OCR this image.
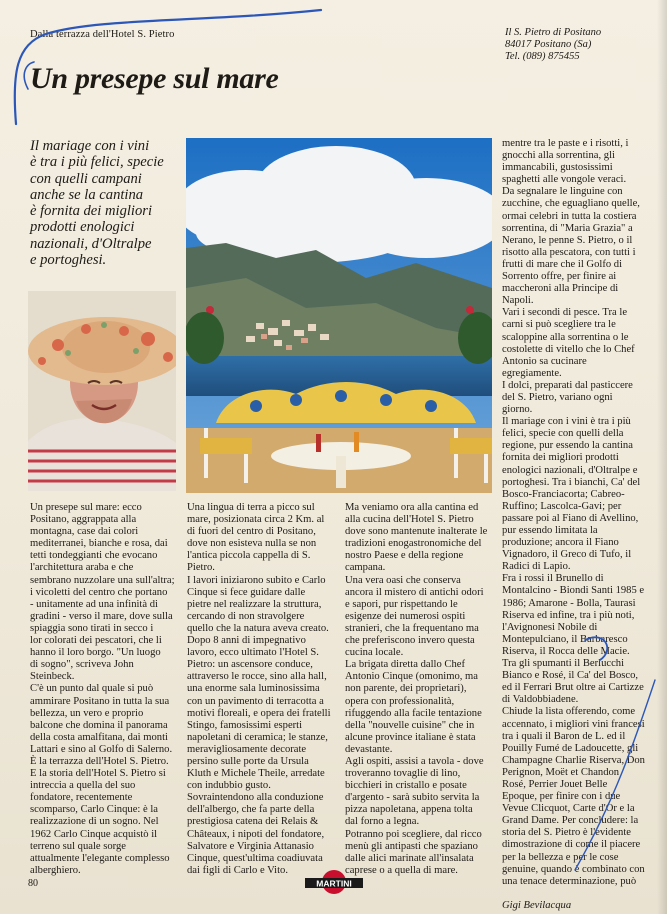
Dalla terrazza dell'Hotel S. Pietro	Il S. Pietro di Positano
84017 Positano (Sa)
Tel. (089) 875455
Un presepe sul mare
Il mariage con i vini
è tra i più felici, specie
con quelli campani
anche se la cantina
è fornita dei migliori
prodotti enologici
nazionali, d'Oltralpe
e portoghesi.
Un presepe sul mare: ecco
Positano, aggrappata alla
montagna, case dai colori
mediterranei, bianche e rosa, dai
tetti tondeggianti che evocano
l'architettura araba e che
sembrano nuzzolare una sull'altra;
i vicoletti del centro che portano
- unitamente ad una infinità di
gradini - verso il mare, dove sulla
spiaggia sono tirati in secco i
lor colorati dei pescatori, che li
hanno il loro borgo. "Un luogo
di sogno", scriveva John
Steinbeck.
C'è un punto dal quale si può
ammirare Positano in tutta la sua
bellezza, un vero e proprio
balcone che domina il panorama
della costa amalfitana, dai monti
Lattari e sino al Golfo di Salerno.
È la terrazza dell'Hotel S. Pietro.
E la storia dell'Hotel S. Pietro si
intreccia a quella del suo
fondatore, recentemente
scomparso, Carlo Cinque: è la
realizzazione di un sogno. Nel
1962 Carlo Cinque acquistò il
terreno sul quale sorge
attualmente l'elegante complesso
alberghiero.
Una lingua di terra a picco sul
mare, posizionata circa 2 Km. al
di fuori del centro di Positano,
dove non esisteva nulla se non
l'antica piccola cappella di S.
Pietro.
I lavori iniziarono subito e Carlo
Cinque si fece guidare dalle
pietre nel realizzare la struttura,
cercando di non stravolgere
quello che la natura aveva creato.
Dopo 8 anni di impegnativo
lavoro, ecco ultimato l'Hotel S.
Pietro: un ascensore conduce,
attraverso le rocce, sino alla hall,
una enorme sala luminosissima
con un pavimento di terracotta a
motivi floreali, e opera dei fratelli
Stingo, famosissimi esperti
napoletani di ceramica; le stanze,
meravigliosamente decorate
persino sulle porte da Ursula
Kluth e Michele Theile, arredate
con indubbio gusto.
Sovraintendono alla conduzione
dell'albergo, che fa parte della
prestigiosa catena dei Relais &
Châteaux, i nipoti del fondatore,
Salvatore e Virginia Attanasio
Cinque, quest'ultima coadiuvata
dai figli di Carlo e Vito.
Ma veniamo ora alla cantina ed
alla cucina dell'Hotel S. Pietro
dove sono mantenute inalterate le
tradizioni enogastronomiche del
nostro Paese e della regione
campana.
Una vera oasi che conserva
ancora il mistero di antichi odori
e sapori, pur rispettando le
esigenze dei numerosi ospiti
stranieri, che la frequentano ma
che preferiscono invero questa
cucina locale.
La brigata diretta dallo Chef
Antonio Cinque (omonimo, ma
non parente, dei proprietari),
opera con professionalità,
rifuggendo alla facile tentazione
della "nouvelle cuisine" che in
alcune province italiane è stata
devastante.
Agli ospiti, assisi a tavola - dove
troveranno tovaglie di lino,
bicchieri in cristallo e posate
d'argento - sarà subito servita la
pizza napoletana, appena tolta
dal forno a legna.
Potranno poi scegliere, dal ricco
menù gli antipasti che spaziano
dalle alici marinate all'insalata
caprese o a quella di mare.
mentre tra le paste e i risotti, i
gnocchi alla sorrentina, gli
immancabili, gustosissimi
spaghetti alle vongole veraci.
Da segnalare le linguine con
zucchine, che eguagliano quelle,
ormai celebri in tutta la costiera
sorrentina, di "Maria Grazia" a
Nerano, le penne S. Pietro, o il
risotto alla pescatora, con tutti i
frutti di mare che il Golfo di
Sorrento offre, per finire ai
maccheroni alla Principe di
Napoli.
Vari i secondi di pesce. Tra le
carni si può scegliere tra le
scaloppine alla sorrentina o le
costolette di vitello che lo Chef
Antonio sa cucinare
egregiamente.
I dolci, preparati dal pasticcere
del S. Pietro, variano ogni
giorno.
Il mariage con i vini è tra i più
felici, specie con quelli della
regione, pur essendo la cantina
fornita dei migliori prodotti
enologici nazionali, d'Oltralpe e
portoghesi. Tra i bianchi, Ca' del
Bosco-Franciacorta; Cabreo-
Ruffino; Lascolca-Gavi; per
passare poi al Fiano di Avellino,
pur essendo limitata la
produzione; ancora il Fiano
Vignadoro, il Greco di Tufo, il
Radici di Lapio.
Fra i rossi il Brunello di
Montalcino - Biondi Santi 1985 e
1986; Amarone - Bolla, Taurasi
Riserva ed infine, tra i più noti,
l'Avignonesi Nobile di
Montepulciano, il Barbaresco
Riserva, il Rocca delle Macie.
Tra gli spumanti il Berlucchi
Bianco e Rosé, il Ca' del Bosco,
ed il Ferrari Brut oltre ai Cartizze
di Valdobbiadene.
Chiude la lista offerendo, come
accennato, i migliori vini francesi
tra i quali il Baron de L. ed il
Pouilly Fumé de Ladoucette, gli
Champagne Charlie Riserva, Don
Perignon, Moët et Chandon
Rosé, Perrier Jouet Belle
Epoque, per finire con i due
Vevue Clicquot, Carte d'Or e la
Grand Dame. Per concludere: la
storia del S. Pietro è l'evidente
dimostrazione di come il piacere
per la bellezza e per le cose
genuine, quando è combinato con
una tenace determinazione, può
Gigi Bevilacqua
80	MARTINI
